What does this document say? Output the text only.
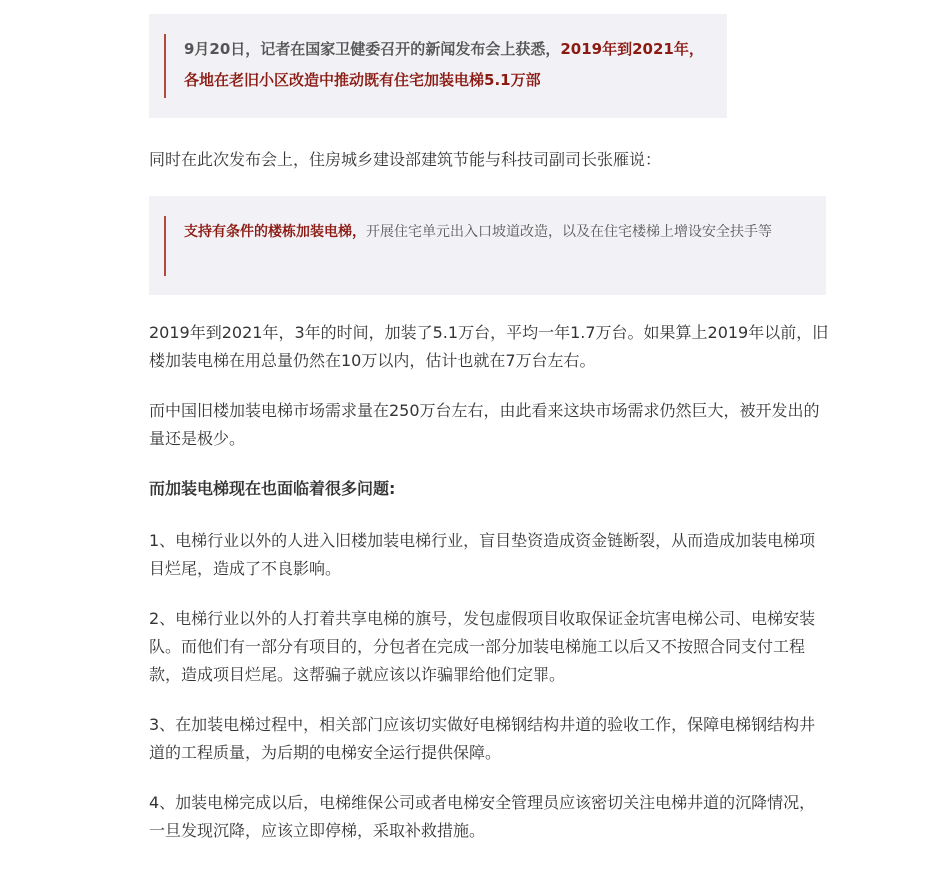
9月20日，记者在国家卫健委召开的新闻发布会上获悉，2019年到2021年，各地在老旧小区改造中推动既有住宅加装电梯5.1万部

同时在此次发布会上，住房城乡建设部建筑节能与科技司副司长张雁说：

支持有条件的楼栋加装电梯，开展住宅单元出入口坡道改造，以及在住宅楼梯上增设安全扶手等

2019年到2021年，3年的时间，加装了5.1万台，平均一年1.7万台。如果算上2019年以前，旧楼加装电梯在用总量仍然在10万以内，估计也就在7万台左右。

而中国旧楼加装电梯市场需求量在250万台左右，由此看来这块市场需求仍然巨大，被开发出的量还是极少。

而加装电梯现在也面临着很多问题:

1、电梯行业以外的人进入旧楼加装电梯行业，盲目垫资造成资金链断裂，从而造成加装电梯项目烂尾，造成了不良影响。

2、电梯行业以外的人打着共享电梯的旗号，发包虚假项目收取保证金坑害电梯公司、电梯安装队。而他们有一部分有项目的，分包者在完成一部分加装电梯施工以后又不按照合同支付工程款，造成项目烂尾。这帮骗子就应该以诈骗罪给他们定罪。

3、在加装电梯过程中，相关部门应该切实做好电梯钢结构井道的验收工作，保障电梯钢结构井道的工程质量，为后期的电梯安全运行提供保障。

4、加装电梯完成以后，电梯维保公司或者电梯安全管理员应该密切关注电梯井道的沉降情况，一旦发现沉降，应该立即停梯，采取补救措施。
